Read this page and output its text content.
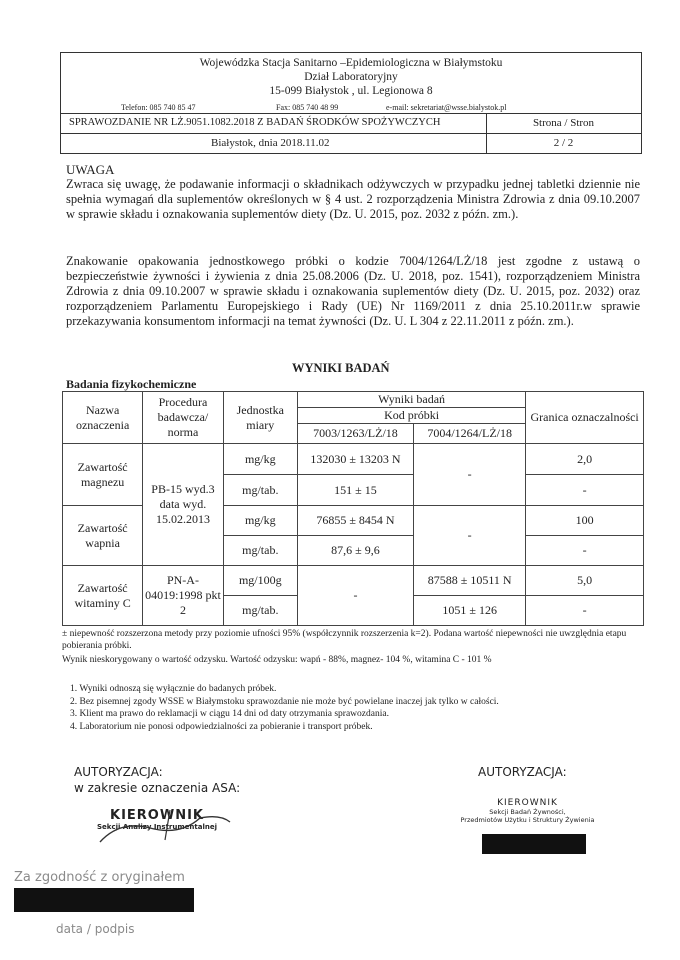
Wojewódzka Stacja Sanitarno –Epidemiologiczna w Białymstoku
Dział Laboratoryjny
15-099 Białystok , ul. Legionowa 8
Telefon: 085 740 85 47	Fax: 085 740 48 99	e-mail: sekretariat@wsse.bialystok.pl
SPRAWOZDANIE NR LŻ.9051.1082.2018 Z BADAŃ ŚRODKÓW SPOŻYWCZYCH	Strona / Stron
Białystok, dnia 2018.11.02	2 / 2
UWAGA
Zwraca się uwagę, że podawanie informacji o składnikach odżywczych w przypadku jednej tabletki dziennie nie spełnia wymagań dla suplementów określonych w § 4 ust. 2 rozporządzenia Ministra Zdrowia z dnia 09.10.2007 w sprawie składu i oznakowania suplementów diety (Dz. U. 2015, poz. 2032 z późn. zm.).
Znakowanie opakowania jednostkowego próbki o kodzie 7004/1264/LŻ/18 jest zgodne z ustawą o bezpieczeństwie żywności i żywienia z dnia 25.08.2006 (Dz. U. 2018, poz. 1541), rozporządzeniem Ministra Zdrowia z dnia 09.10.2007 w sprawie składu i oznakowania suplementów diety (Dz. U. 2015, poz. 2032) oraz rozporządzeniem Parlamentu Europejskiego i Rady (UE) Nr 1169/2011 z dnia 25.10.2011r.w sprawie przekazywania konsumentom informacji na temat żywności (Dz. U. L 304 z 22.11.2011 z późn. zm.).
WYNIKI BADAŃ
Badania fizykochemiczne
Nazwa oznaczenia	Procedura badawcza/ norma	Jednostka miary	Wyniki badań		Granica oznaczalności
			Kod próbki		
			7003/1263/LŻ/18	7004/1264/LŻ/18	
Zawartość magnezu	PB-15 wyd.3 data wyd. 15.02.2013	mg/kg	132030 ± 13203 N	-	2,0
		mg/tab.	151 ± 15		-
Zawartość wapnia		mg/kg	76855 ± 8454 N	-	100
		mg/tab.	87,6 ± 9,6		-
Zawartość witaminy C	PN-A-04019:1998 pkt 2	mg/100g	-	87588 ± 10511 N	5,0
		mg/tab.		1051 ± 126	-
± niepewność rozszerzona metody przy poziomie ufności 95% (współczynnik rozszerzenia k=2). Podana wartość niepewności nie uwzględnia etapu pobierania próbki.
Wynik nieskorygowany o wartość odzysku. Wartość odzysku: wapń - 88%, magnez- 104 %, witamina C - 101 %
1. Wyniki odnoszą się wyłącznie do badanych próbek.
2. Bez pisemnej zgody WSSE w Białymstoku sprawozdanie nie może być powielane inaczej jak tylko w całości.
3. Klient ma prawo do reklamacji w ciągu 14 dni od daty otrzymania sprawozdania.
4. Laboratorium nie ponosi odpowiedzialności za pobieranie i transport próbek.
AUTORYZACJA:
w zakresie oznaczenia ASA:
AUTORYZACJA:
KIEROWNIK
Sekcji Analizy Instrumentalnej
KIEROWNIK
Sekcji Badań Żywności,
Przedmiotów Użytku i Struktury Żywienia
Za zgodność z oryginałem
data / podpis
